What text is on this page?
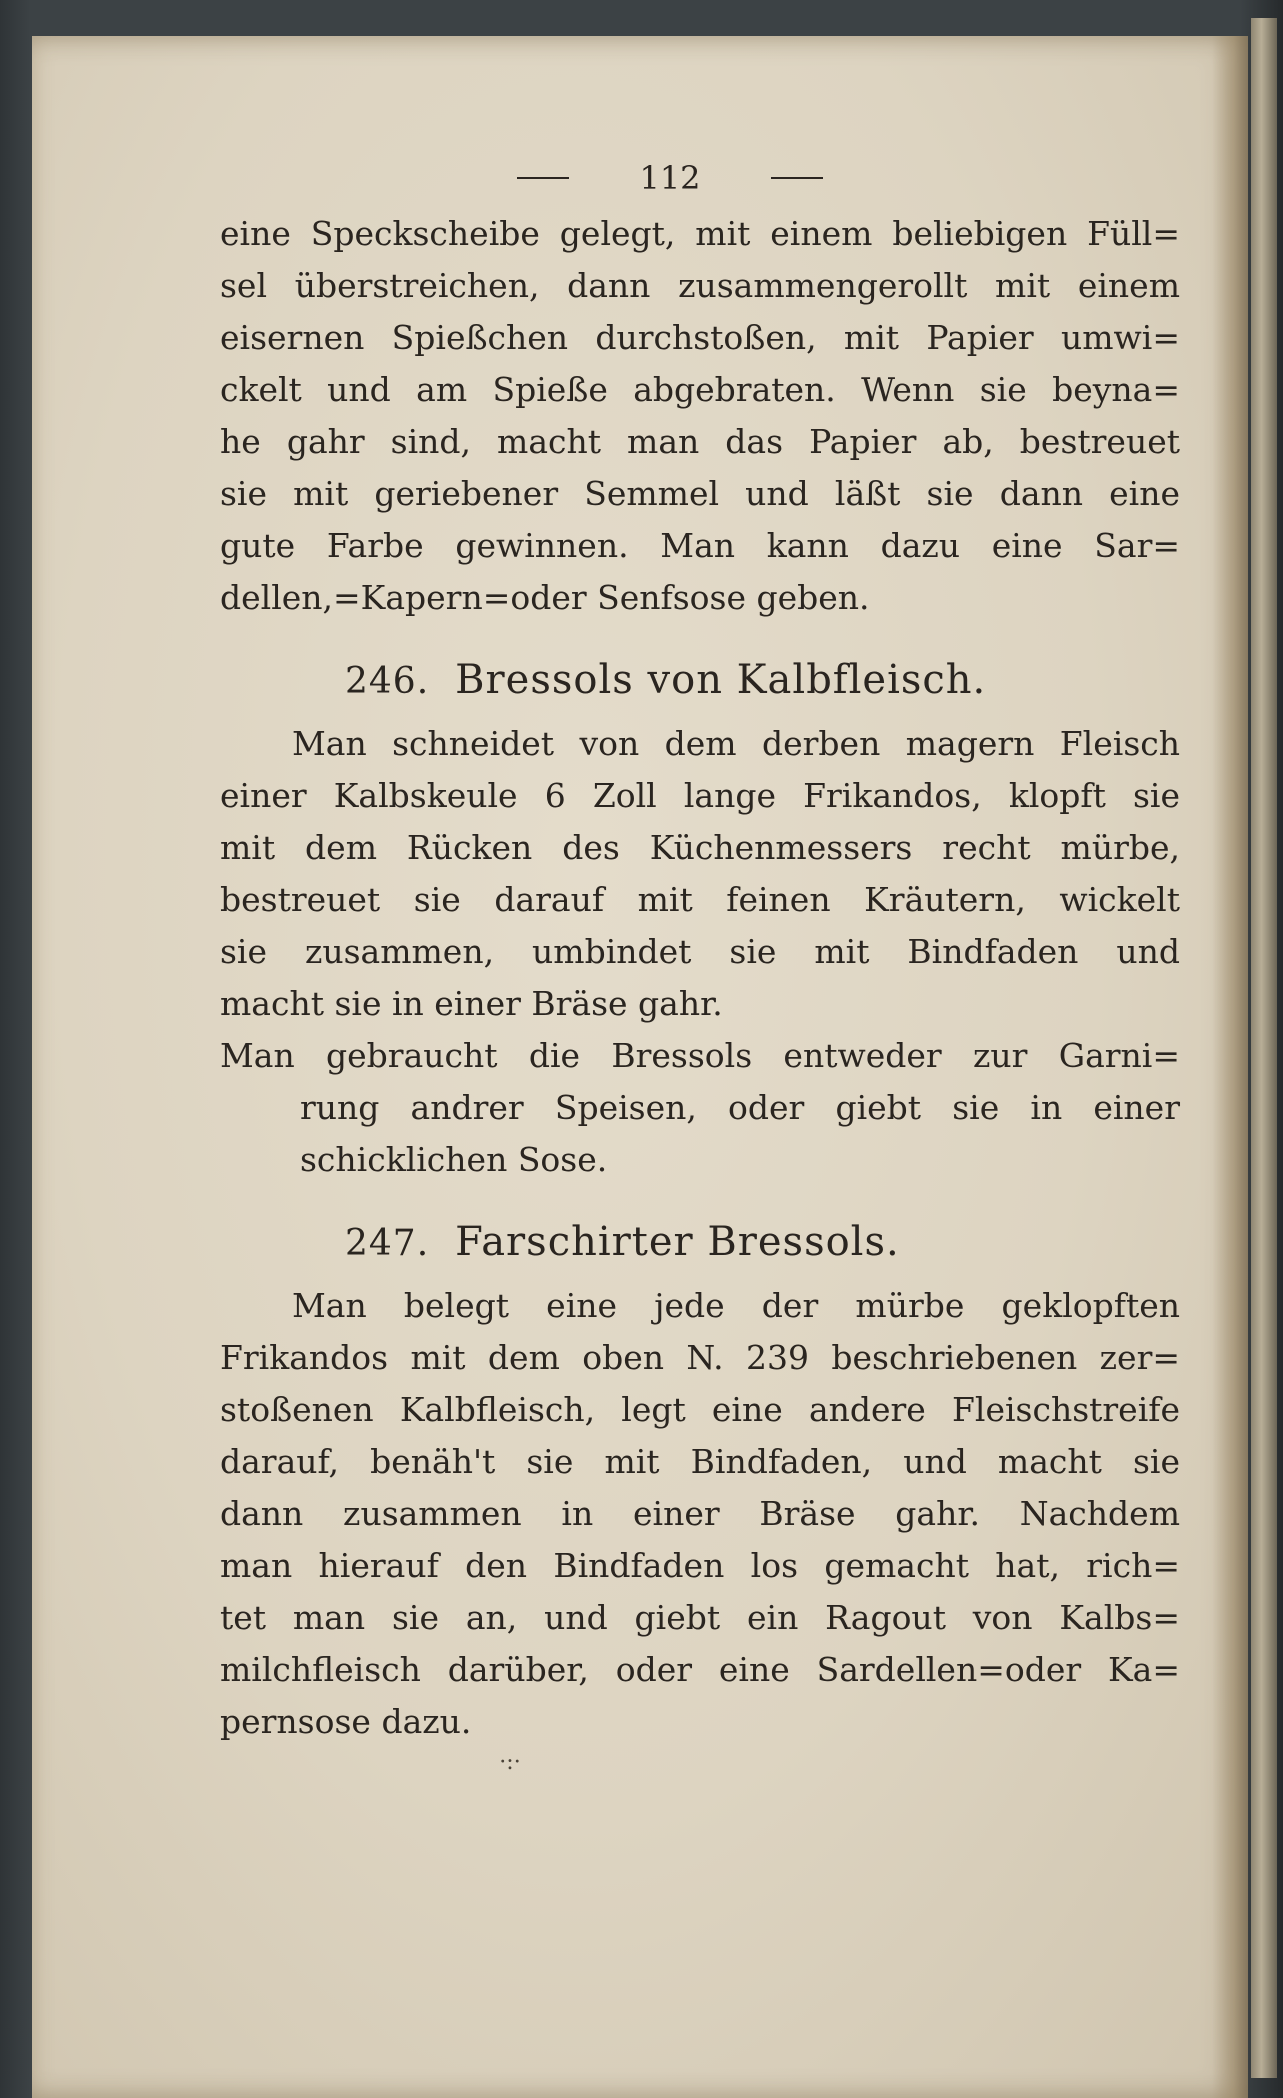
112
eine Speckscheibe gelegt, mit einem beliebigen Füll=
sel überstreichen, dann zusammengerollt mit einem
eisernen Spießchen durchstoßen, mit Papier umwi=
ckelt und am Spieße abgebraten. Wenn sie beyna=
he gahr sind, macht man das Papier ab, bestreuet
sie mit geriebener Semmel und läßt sie dann eine
gute Farbe gewinnen. Man kann dazu eine Sar=
dellen,=Kapern=oder Senfsose geben.
246. Bressols von Kalbfleisch.
Man schneidet von dem derben magern Fleisch
einer Kalbskeule 6 Zoll lange Frikandos, klopft sie
mit dem Rücken des Küchenmessers recht mürbe,
bestreuet sie darauf mit feinen Kräutern, wickelt
sie zusammen, umbindet sie mit Bindfaden und
macht sie in einer Bräse gahr.
Man gebraucht die Bressols entweder zur Garni=
rung andrer Speisen, oder giebt sie in einer
schicklichen Sose.
247. Farschirter Bressols.
Man belegt eine jede der mürbe geklopften
Frikandos mit dem oben N. 239 beschriebenen zer=
stoßenen Kalbfleisch, legt eine andere Fleischstreife
darauf, benäh't sie mit Bindfaden, und macht sie
dann zusammen in einer Bräse gahr. Nachdem
man hierauf den Bindfaden los gemacht hat, rich=
tet man sie an, und giebt ein Ragout von Kalbs=
milchfleisch darüber, oder eine Sardellen=oder Ka=
pernsose dazu.
·:·
